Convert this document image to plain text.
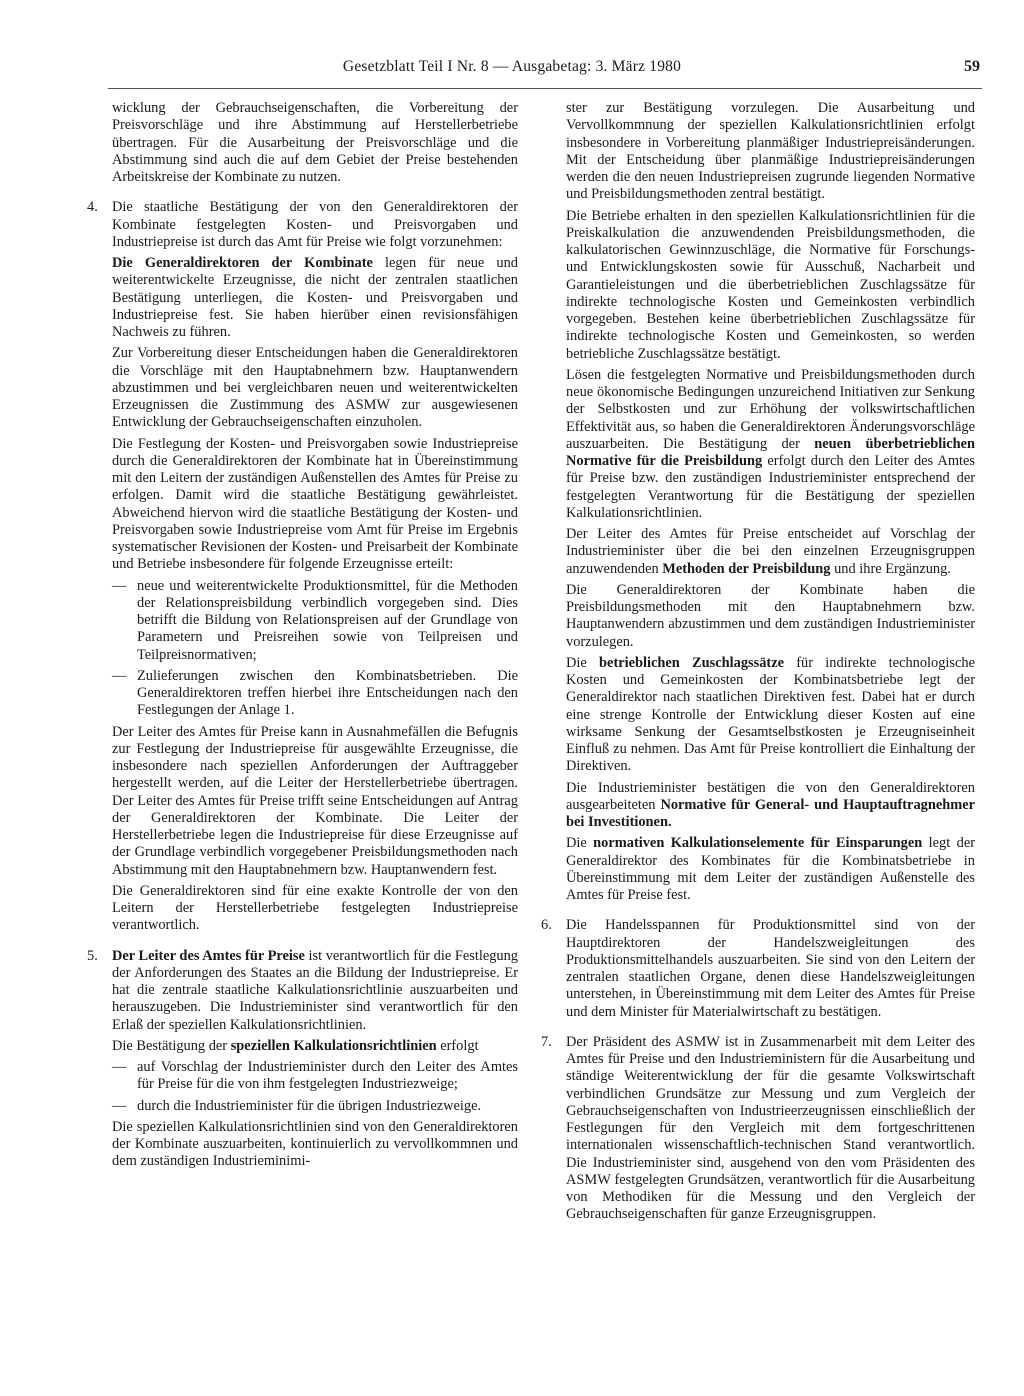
Gesetzblatt Teil I Nr. 8 — Ausgabetag: 3. März 1980	59

wicklung der Gebrauchseigenschaften, die Vorbereitung der Preisvorschläge und ihre Abstimmung auf Herstellerbetriebe übertragen. Für die Ausarbeitung der Preisvorschläge und die Abstimmung sind auch die auf dem Gebiet der Preise bestehenden Arbeitskreise der Kombinate zu nutzen.

4. Die staatliche Bestätigung der von den Generaldirektoren der Kombinate festgelegten Kosten- und Preisvorgaben und Industriepreise ist durch das Amt für Preise wie folgt vorzunehmen:

Die Generaldirektoren der Kombinate legen für neue und weiterentwickelte Erzeugnisse, die nicht der zentralen staatlichen Bestätigung unterliegen, die Kosten- und Preisvorgaben und Industriepreise fest. Sie haben hierüber einen revisionsfähigen Nachweis zu führen.

Zur Vorbereitung dieser Entscheidungen haben die Generaldirektoren die Vorschläge mit den Hauptabnehmern bzw. Hauptanwendern abzustimmen und bei vergleichbaren neuen und weiterentwickelten Erzeugnissen die Zustimmung des ASMW zur ausgewiesenen Entwicklung der Gebrauchseigenschaften einzuholen.

Die Festlegung der Kosten- und Preisvorgaben sowie Industriepreise durch die Generaldirektoren der Kombinate hat in Übereinstimmung mit den Leitern der zuständigen Außenstellen des Amtes für Preise zu erfolgen. Damit wird die staatliche Bestätigung gewährleistet. Abweichend hiervon wird die staatliche Bestätigung der Kosten- und Preisvorgaben sowie Industriepreise vom Amt für Preise im Ergebnis systematischer Revisionen der Kosten- und Preisarbeit der Kombinate und Betriebe insbesondere für folgende Erzeugnisse erteilt:

— neue und weiterentwickelte Produktionsmittel, für die Methoden der Relationspreisbildung verbindlich vorgegeben sind. Dies betrifft die Bildung von Relationspreisen auf der Grundlage von Parametern und Preisreihen sowie von Teilpreisen und Teilpreisnormativen;
— Zulieferungen zwischen den Kombinatsbetrieben. Die Generaldirektoren treffen hierbei ihre Entscheidungen nach den Festlegungen der Anlage 1.

Der Leiter des Amtes für Preise kann in Ausnahmefällen die Befugnis zur Festlegung der Industriepreise für ausgewählte Erzeugnisse, die insbesondere nach speziellen Anforderungen der Auftraggeber hergestellt werden, auf die Leiter der Herstellerbetriebe übertragen. Der Leiter des Amtes für Preise trifft seine Entscheidungen auf Antrag der Generaldirektoren der Kombinate. Die Leiter der Herstellerbetriebe legen die Industriepreise für diese Erzeugnisse auf der Grundlage verbindlich vorgegebener Preisbildungsmethoden nach Abstimmung mit den Hauptabnehmern bzw. Hauptanwendern fest.

Die Generaldirektoren sind für eine exakte Kontrolle der von den Leitern der Herstellerbetriebe festgelegten Industriepreise verantwortlich.

5. Der Leiter des Amtes für Preise ist verantwortlich für die Festlegung der Anforderungen des Staates an die Bildung der Industriepreise. Er hat die zentrale staatliche Kalkulationsrichtlinie auszuarbeiten und herauszugeben. Die Industrieminister sind verantwortlich für den Erlaß der speziellen Kalkulationsrichtlinien.

Die Bestätigung der speziellen Kalkulationsrichtlinien erfolgt

— auf Vorschlag der Industrieminister durch den Leiter des Amtes für Preise für die von ihm festgelegten Industriezweige;
— durch die Industrieminister für die übrigen Industriezweige.

Die speziellen Kalkulationsrichtlinien sind von den Generaldirektoren der Kombinate auszuarbeiten, kontinuierlich zu vervollkommnen und dem zuständigen Industrieminimi-

ster zur Bestätigung vorzulegen. Die Ausarbeitung und Vervollkommnung der speziellen Kalkulationsrichtlinien erfolgt insbesondere in Vorbereitung planmäßiger Industriepreisänderungen. Mit der Entscheidung über planmäßige Industriepreisänderungen werden die den neuen Industriepreisen zugrunde liegenden Normative und Preisbildungsmethoden zentral bestätigt.

Die Betriebe erhalten in den speziellen Kalkulationsrichtlinien für die Preiskalkulation die anzuwendenden Preisbildungsmethoden, die kalkulatorischen Gewinnzuschläge, die Normative für Forschungs- und Entwicklungskosten sowie für Ausschuß, Nacharbeit und Garantieleistungen und die überbetrieblichen Zuschlagssätze für indirekte technologische Kosten und Gemeinkosten verbindlich vorgegeben. Bestehen keine überbetrieblichen Zuschlagssätze für indirekte technologische Kosten und Gemeinkosten, so werden betriebliche Zuschlagssätze bestätigt.

Lösen die festgelegten Normative und Preisbildungsmethoden durch neue ökonomische Bedingungen unzureichend Initiativen zur Senkung der Selbstkosten und zur Erhöhung der volkswirtschaftlichen Effektivität aus, so haben die Generaldirektoren Änderungsvorschläge auszuarbeiten. Die Bestätigung der neuen überbetrieblichen Normative für die Preisbildung erfolgt durch den Leiter des Amtes für Preise bzw. den zuständigen Industrieminister entsprechend der festgelegten Verantwortung für die Bestätigung der speziellen Kalkulationsrichtlinien.

Der Leiter des Amtes für Preise entscheidet auf Vorschlag der Industrieminister über die bei den einzelnen Erzeugnisgruppen anzuwendenden Methoden der Preisbildung und ihre Ergänzung.

Die Generaldirektoren der Kombinate haben die Preisbildungsmethoden mit den Hauptabnehmern bzw. Hauptanwendern abzustimmen und dem zuständigen Industrieminister vorzulegen.

Die betrieblichen Zuschlagssätze für indirekte technologische Kosten und Gemeinkosten der Kombinatsbetriebe legt der Generaldirektor nach staatlichen Direktiven fest. Dabei hat er durch eine strenge Kontrolle der Entwicklung dieser Kosten auf eine wirksame Senkung der Gesamtselbstkosten je Erzeugniseinheit Einfluß zu nehmen. Das Amt für Preise kontrolliert die Einhaltung der Direktiven.

Die Industrieminister bestätigen die von den Generaldirektoren ausgearbeiteten Normative für General- und Hauptauftragnehmer bei Investitionen.

Die normativen Kalkulationselemente für Einsparungen legt der Generaldirektor des Kombinates für die Kombinatsbetriebe in Übereinstimmung mit dem Leiter der zuständigen Außenstelle des Amtes für Preise fest.

6. Die Handelsspannen für Produktionsmittel sind von der Hauptdirektoren der Handelszweigleitungen des Produktionsmittelhandels auszuarbeiten. Sie sind von den Leitern der zentralen staatlichen Organe, denen diese Handelszweigleitungen unterstehen, in Übereinstimmung mit dem Leiter des Amtes für Preise und dem Minister für Materialwirtschaft zu bestätigen.

7. Der Präsident des ASMW ist in Zusammenarbeit mit dem Leiter des Amtes für Preise und den Industrieministern für die Ausarbeitung und ständige Weiterentwicklung der für die gesamte Volkswirtschaft verbindlichen Grundsätze zur Messung und zum Vergleich der Gebrauchseigenschaften von Industrieerzeugnissen einschließlich der Festlegungen für den Vergleich mit dem fortgeschrittenen internationalen wissenschaftlich-technischen Stand verantwortlich. Die Industrieminister sind, ausgehend von den vom Präsidenten des ASMW festgelegten Grundsätzen, verantwortlich für die Ausarbeitung von Methodiken für die Messung und den Vergleich der Gebrauchseigenschaften für ganze Erzeugnisgruppen.
